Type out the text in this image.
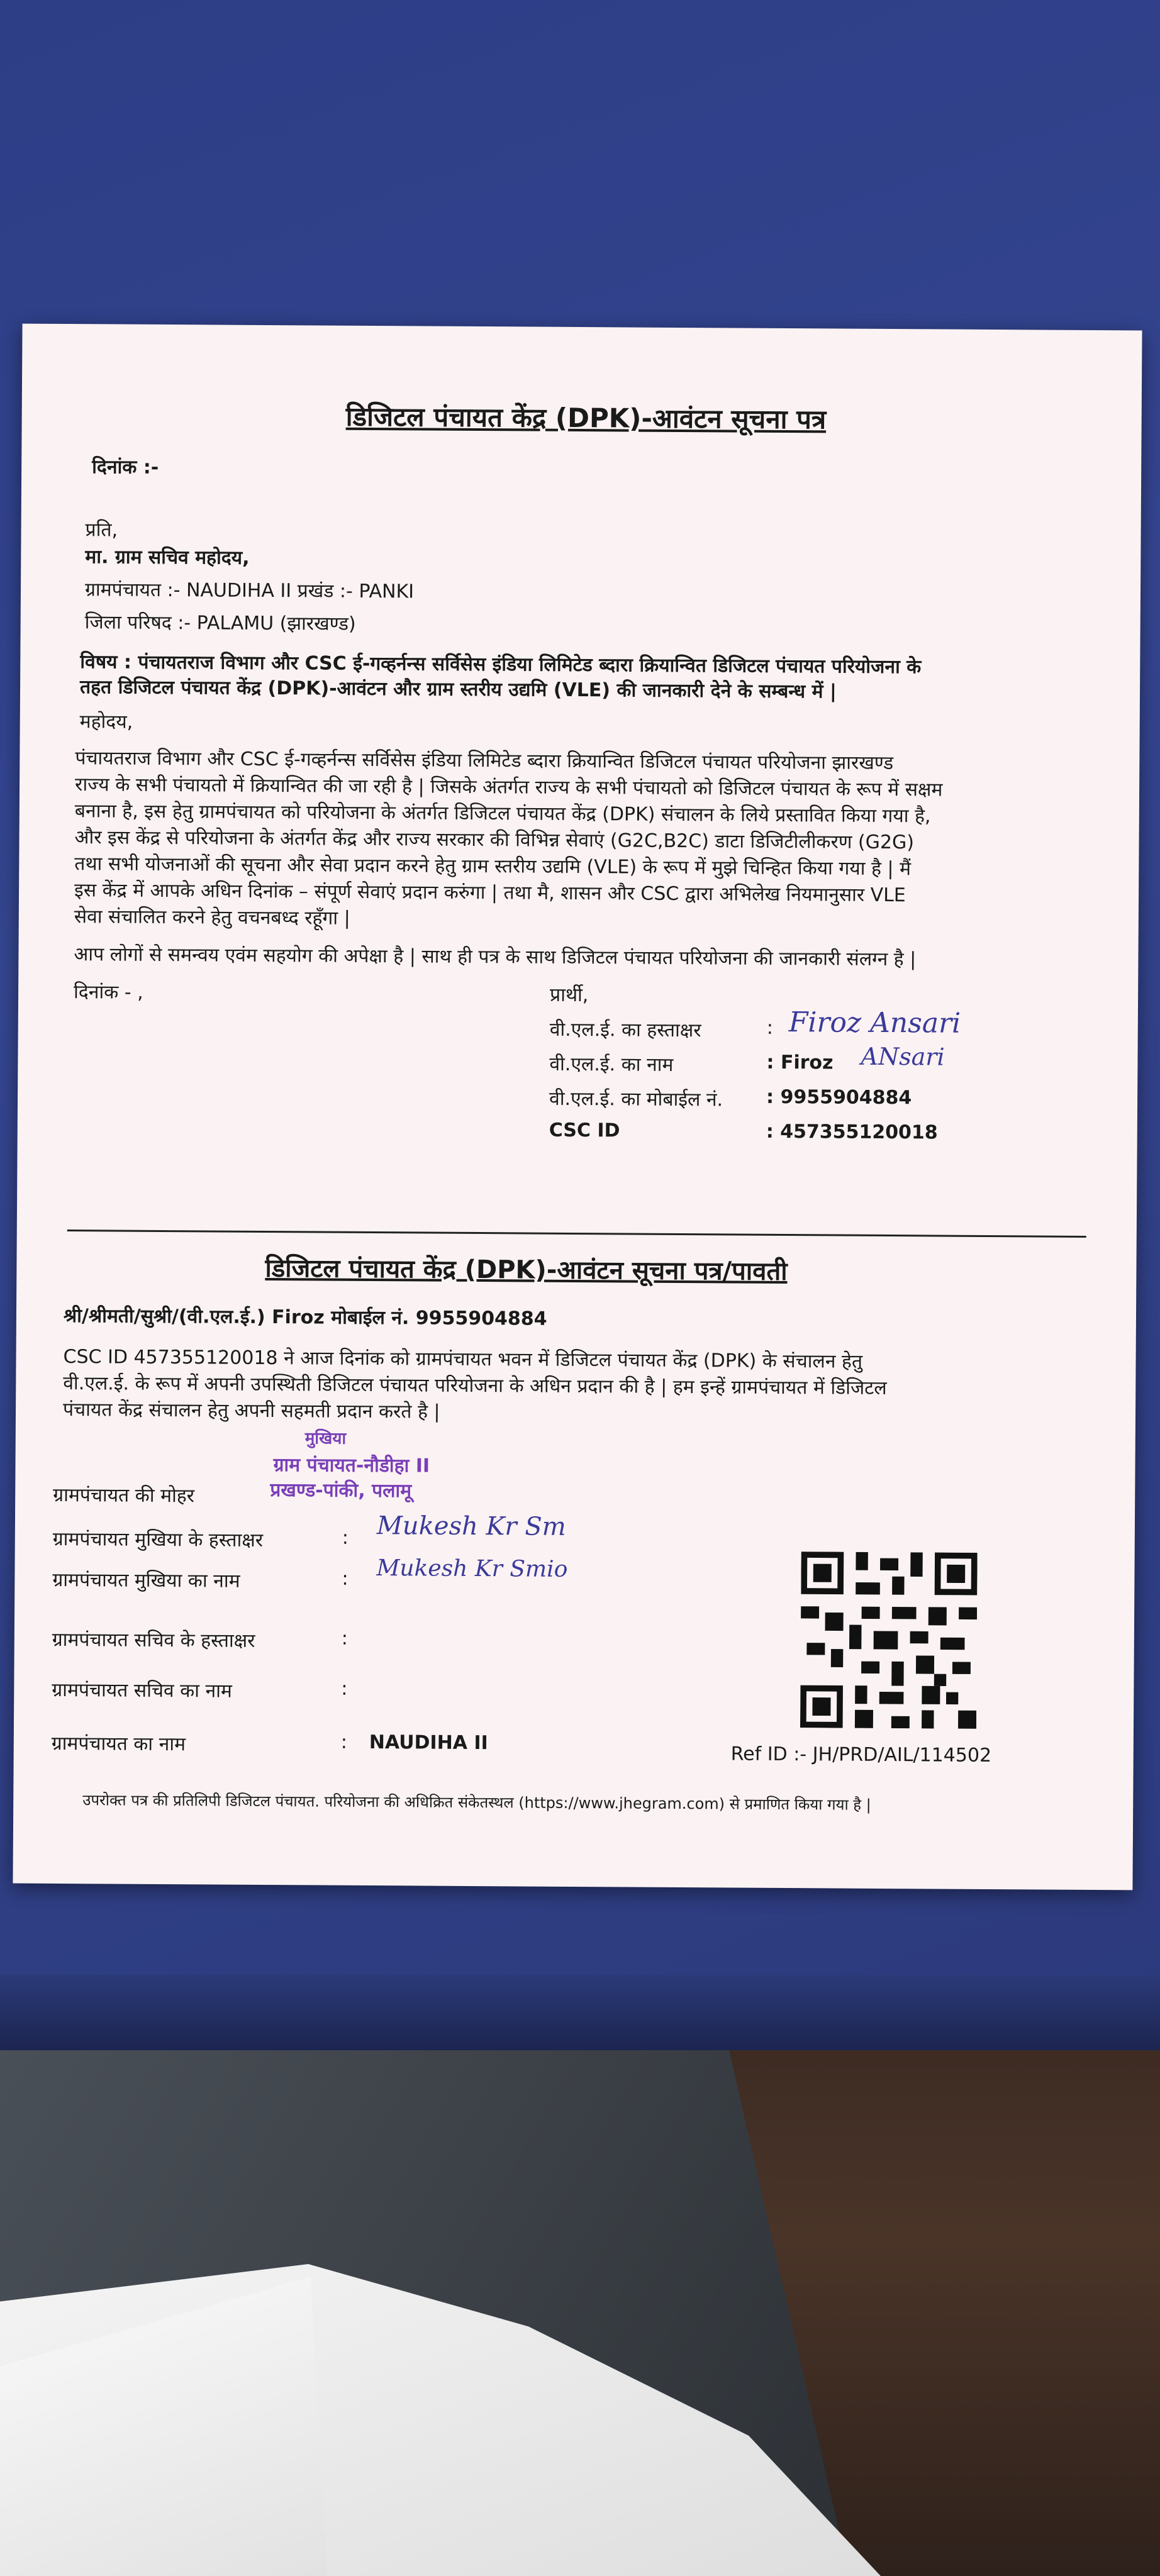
डिजिटल पंचायत केंद्र (DPK)-आवंटन सूचना पत्र
दिनांक :-
प्रति,
मा. ग्राम सचिव महोदय,
ग्रामपंचायत :- NAUDIHA II प्रखंड :- PANKI
जिला परिषद :- PALAMU (झारखण्ड)
विषय : पंचायतराज विभाग और CSC ई-गव्हर्नन्स सर्विसेस इंडिया लिमिटेड ब्दारा क्रियान्वित डिजिटल पंचायत परियोजना के
तहत डिजिटल पंचायत केंद्र (DPK)-आवंटन और ग्राम स्तरीय उद्यमि (VLE) की जानकारी देने के सम्बन्ध में |
महोदय,
पंचायतराज विभाग और CSC ई-गव्हर्नन्स सर्विसेस इंडिया लिमिटेड ब्दारा क्रियान्वित डिजिटल पंचायत परियोजना झारखण्ड
राज्य के सभी पंचायतो में क्रियान्वित की जा रही है | जिसके अंतर्गत राज्य के सभी पंचायतो को डिजिटल पंचायत के रूप में सक्षम
बनाना है, इस हेतु ग्रामपंचायत को परियोजना के अंतर्गत डिजिटल पंचायत केंद्र (DPK) संचालन के लिये प्रस्तावित किया गया है,
और इस केंद्र से परियोजना के अंतर्गत केंद्र और राज्य सरकार की विभिन्न सेवाएं (G2C,B2C) डाटा डिजिटीलीकरण (G2G)
तथा सभी योजनाओं की सूचना और सेवा प्रदान करने हेतु ग्राम स्तरीय उद्यमि (VLE) के रूप में मुझे चिन्हित किया गया है | मैं
इस केंद्र में आपके अधिन दिनांक – संपूर्ण सेवाएं प्रदान करुंगा | तथा मै, शासन और CSC द्वारा अभिलेख नियमानुसार VLE
सेवा संचालित करने हेतु वचनबध्द रहूँगा |
आप लोगों से समन्वय एवंम सहयोग की अपेक्षा है | साथ ही पत्र के साथ डिजिटल पंचायत परियोजना की जानकारी संलग्न है |
दिनांक - ,	प्रार्थी,
वी.एल.ई. का हस्ताक्षर	: Firoz Ansari
वी.एल.ई. का नाम	: Firoz ANsari
वी.एल.ई. का मोबाईल नं. : 9955904884
CSC ID	: 457355120018
डिजिटल पंचायत केंद्र (DPK)-आवंटन सूचना पत्र/पावती
श्री/श्रीमती/सुश्री/(वी.एल.ई.) Firoz मोबाईल नं. 9955904884
CSC ID 457355120018 ने आज दिनांक को ग्रामपंचायत भवन में डिजिटल पंचायत केंद्र (DPK) के संचालन हेतु
वी.एल.ई. के रूप में अपनी उपस्थिती डिजिटल पंचायत परियोजना के अधिन प्रदान की है | हम इन्हें ग्रामपंचायत में डिजिटल
पंचायत केंद्र संचालन हेतु अपनी सहमती प्रदान करते है |
मुखिया
ग्राम पंचायत-नौडीहा II
प्रखण्ड-पांकी, पलामू
ग्रामपंचायत की मोहर
ग्रामपंचायत मुखिया के हस्ताक्षर	: Mukesh Kr Sm
ग्रामपंचायत मुखिया का नाम	: Mukesh Kr Smio
ग्रामपंचायत सचिव के हस्ताक्षर	:
ग्रामपंचायत सचिव का नाम	:
ग्रामपंचायत का नाम	: NAUDIHA II
Ref ID :- JH/PRD/AIL/114502
उपरोक्त पत्र की प्रतिलिपी डिजिटल पंचायत. परियोजना की अधिक्रित संकेतस्थल (https://www.jhegram.com) से प्रमाणित किया गया है |
